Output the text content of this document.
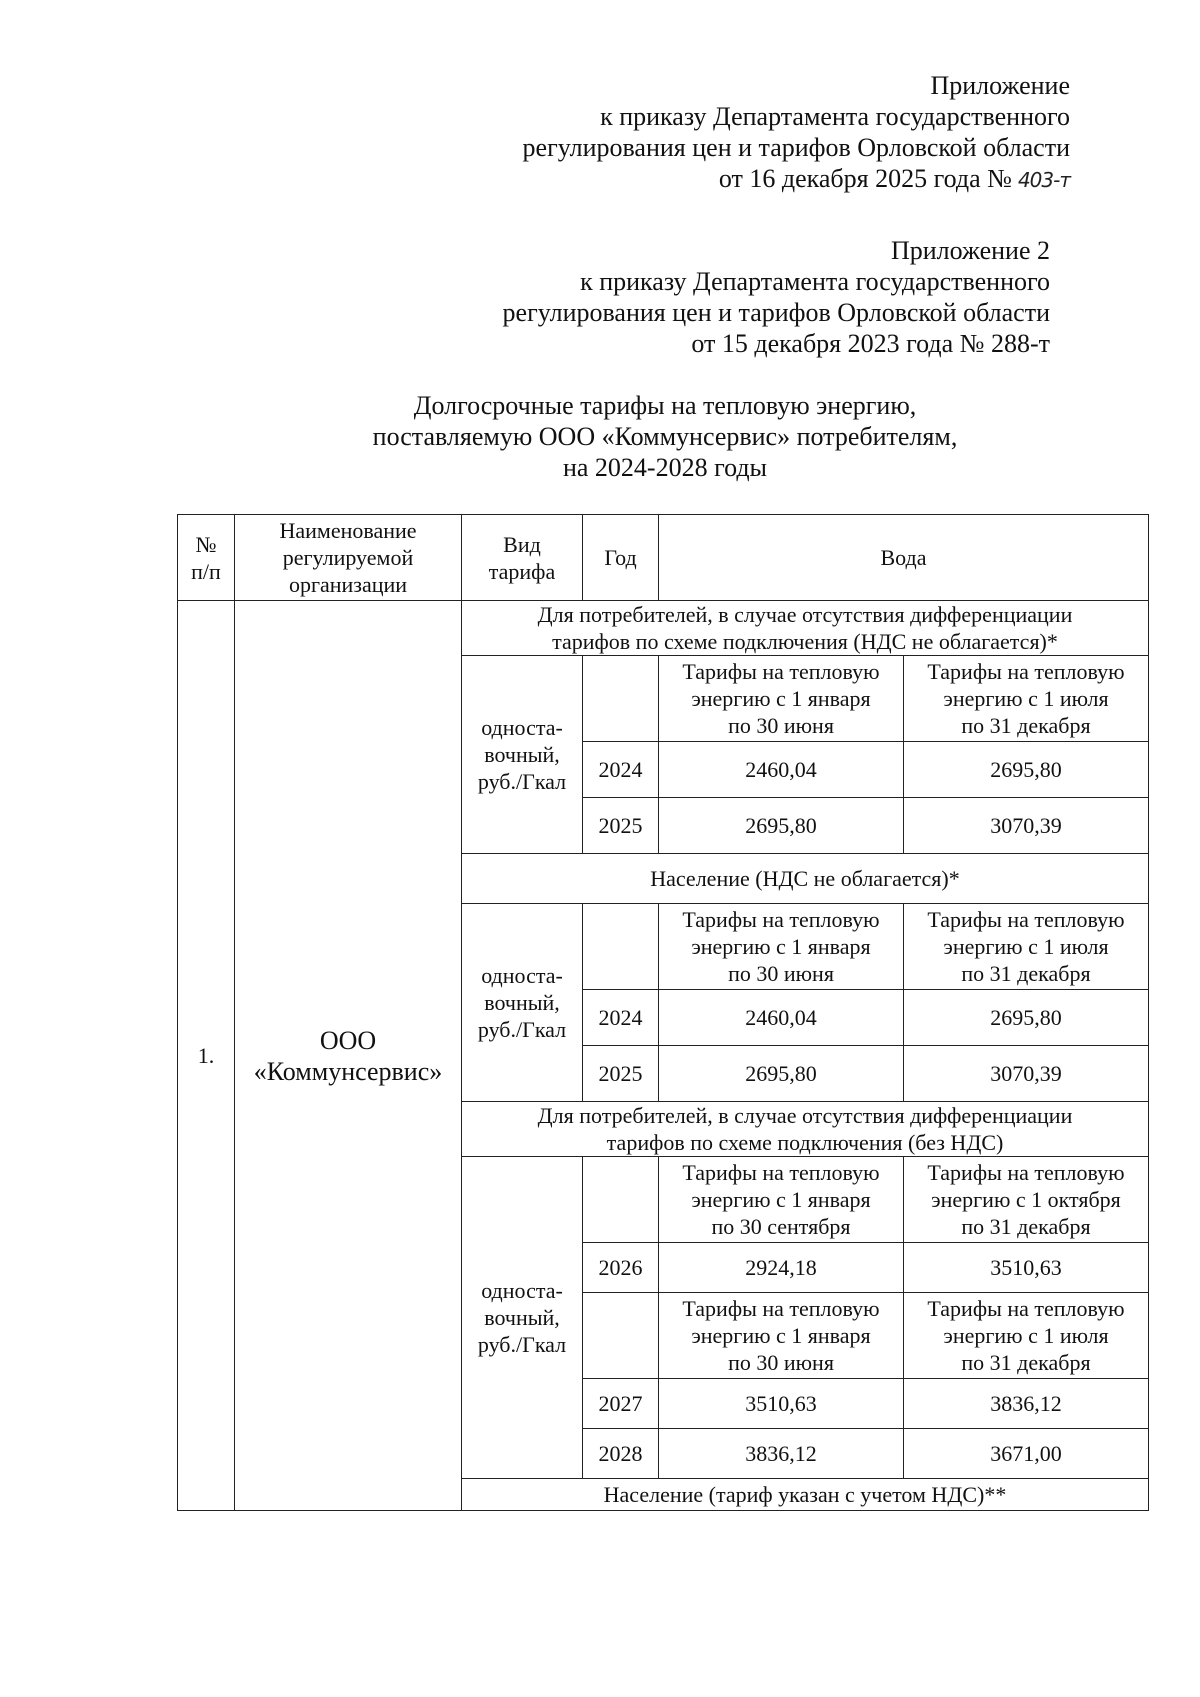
Приложение
к приказу Департамента государственного
регулирования цен и тарифов Орловской области
от 16 декабря 2025 года № 403-т
Приложение 2
к приказу Департамента государственного
регулирования цен и тарифов Орловской области
от 15 декабря 2023 года № 288-т
Долгосрочные тарифы на тепловую энергию,
поставляемую ООО «Коммунсервис» потребителям,
на 2024-2028 годы
№
п/п	Наименование
регулируемой
организации	Вид
тарифа	Год	Вода	
1.	ООО
«Коммунсервис»	Для потребителей, в случае отсутствия дифференциации
тарифов по схеме подключения (НДС не облагается)*			
		односта-
вочный,
руб./Гкал		Тарифы на тепловую
энергию с 1 января
по 30 июня	Тарифы на тепловую
энергию с 1 июля
по 31 декабря
			2024	2460,04	2695,80
			2025	2695,80	3070,39
		Население (НДС не облагается)*			
		односта-
вочный,
руб./Гкал		Тарифы на тепловую
энергию с 1 января
по 30 июня	Тарифы на тепловую
энергию с 1 июля
по 31 декабря
			2024	2460,04	2695,80
			2025	2695,80	3070,39
		Для потребителей, в случае отсутствия дифференциации
тарифов по схеме подключения (без НДС)			
		односта-
вочный,
руб./Гкал		Тарифы на тепловую
энергию с 1 января
по 30 сентября	Тарифы на тепловую
энергию с 1 октября
по 31 декабря
			2026	2924,18	3510,63
				Тарифы на тепловую
энергию с 1 января
по 30 июня	Тарифы на тепловую
энергию с 1 июля
по 31 декабря
			2027	3510,63	3836,12
			2028	3836,12	3671,00
		Население (тариф указан с учетом НДС)**			
